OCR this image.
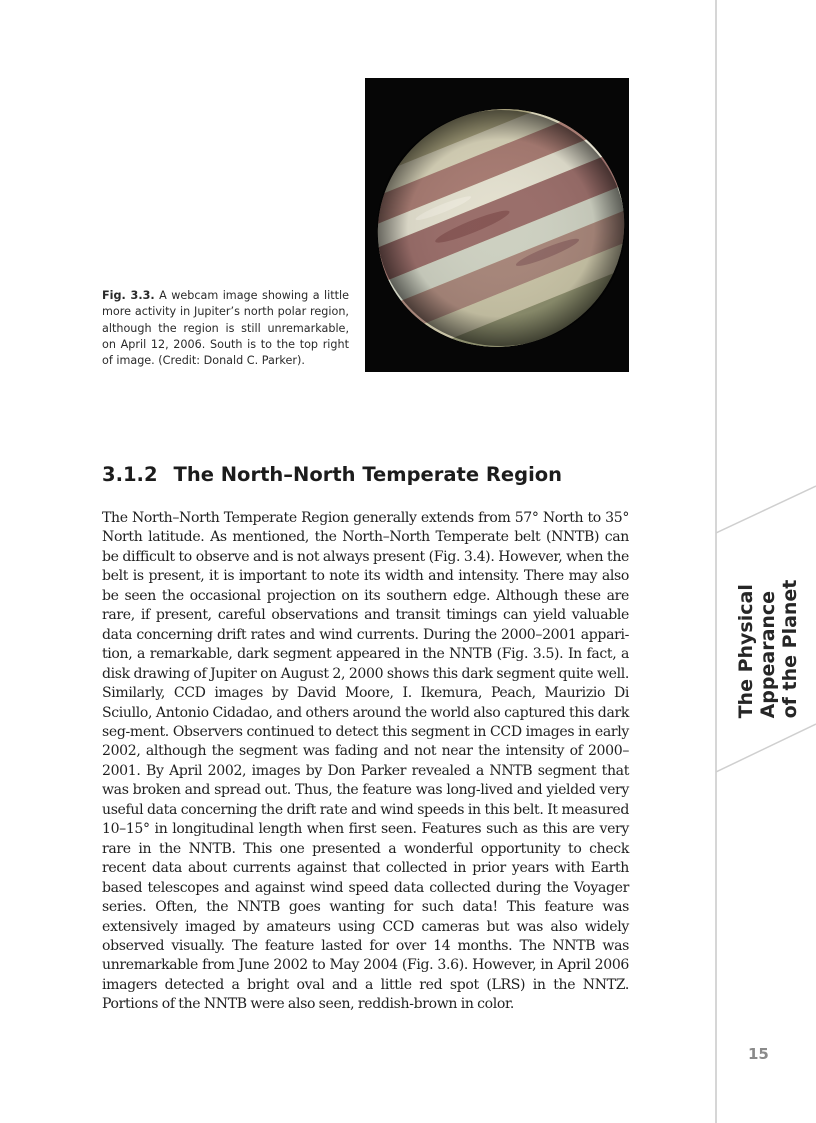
The Physical Appearance of the Planet
Fig. 3.3. A webcam image showing a little more activity in Jupiter’s north polar region, although the region is still unremarkable, on April 12, 2006. South is to the top right of image. (Credit: Donald C. Parker).
3.1.2 The North–North Temperate Region
The North–North Temperate Region generally extends from 57° North to 35° North latitude. As mentioned, the North–North Temperate belt (NNTB) can be difficult to observe and is not always present (Fig. 3.4). However, when the belt is present, it is important to note its width and intensity. There may also be seen the occasional projection on its southern edge. Although these are rare, if present, careful observations and transit timings can yield valuable data concerning drift rates and wind currents. During the 2000–2001 appari-tion, a remarkable, dark segment appeared in the NNTB (Fig. 3.5). In fact, a disk drawing of Jupiter on August 2, 2000 shows this dark segment quite well. Similarly, CCD images by David Moore, I. Ikemura, Peach, Maurizio Di Sciullo, Antonio Cidadao, and others around the world also captured this dark seg-ment. Observers continued to detect this segment in CCD images in early 2002, although the segment was fading and not near the intensity of 2000–2001. By April 2002, images by Don Parker revealed a NNTB segment that was broken and spread out. Thus, the feature was long-lived and yielded very useful data concerning the drift rate and wind speeds in this belt. It measured 10–15° in longitudinal length when first seen. Features such as this are very rare in the NNTB. This one presented a wonderful opportunity to check recent data about currents against that collected in prior years with Earth based telescopes and against wind speed data collected during the Voyager series. Often, the NNTB goes wanting for such data! This feature was extensively imaged by amateurs using CCD cameras but was also widely observed visually. The feature lasted for over 14 months. The NNTB was unremarkable from June 2002 to May 2004 (Fig. 3.6). However, in April 2006 imagers detected a bright oval and a little red spot (LRS) in the NNTZ. Portions of the NNTB were also seen, reddish-brown in color.
15
